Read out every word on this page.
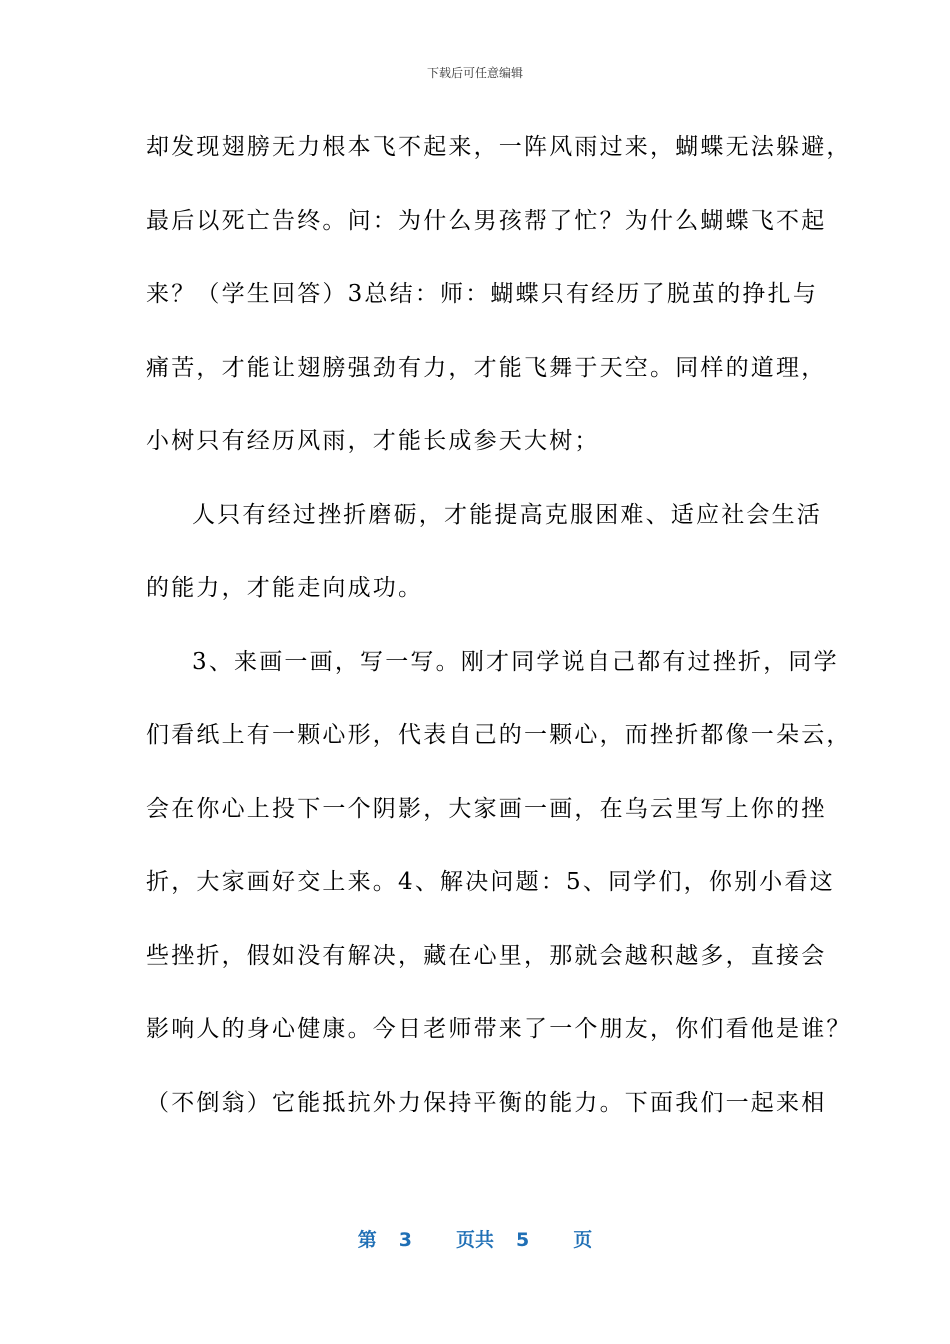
下载后可任意编辑
却发现翅膀无力根本飞不起来，一阵风雨过来，蝴蝶无法躲避，
最后以死亡告终。问：为什么男孩帮了忙？为什么蝴蝶飞不起
来？（学生回答）3总结：师：蝴蝶只有经历了脱茧的挣扎与
痛苦，才能让翅膀强劲有力，才能飞舞于天空。同样的道理，
小树只有经历风雨，才能长成参天大树；
人只有经过挫折磨砺，才能提高克服困难、适应社会生活
的能力，才能走向成功。
3、来画一画，写一写。刚才同学说自己都有过挫折，同学
们看纸上有一颗心形，代表自己的一颗心，而挫折都像一朵云，
会在你心上投下一个阴影，大家画一画，在乌云里写上你的挫
折，大家画好交上来。4、解决问题：5、同学们，你别小看这
些挫折，假如没有解决，藏在心里，那就会越积越多，直接会
影响人的身心健康。今日老师带来了一个朋友，你们看他是谁？
（不倒翁）它能抵抗外力保持平衡的能力。下面我们一起来相
第 3 页共 5 页
